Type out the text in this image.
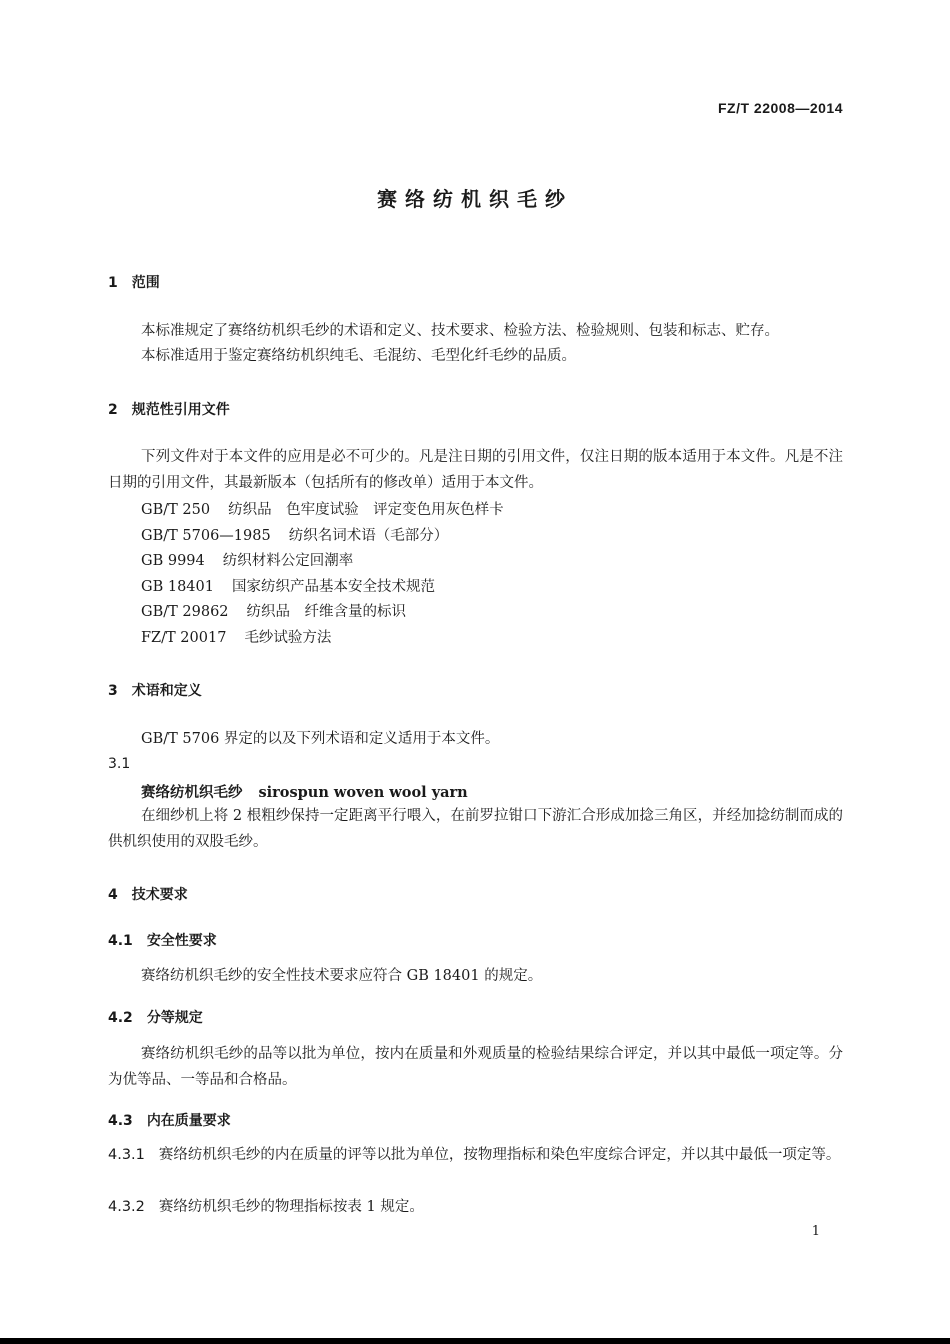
FZ/T 22008—2014
赛络纺机织毛纱
1 范围
本标准规定了赛络纺机织毛纱的术语和定义、技术要求、检验方法、检验规则、包装和标志、贮存。
本标准适用于鉴定赛络纺机织纯毛、毛混纺、毛型化纤毛纱的品质。
2 规范性引用文件
下列文件对于本文件的应用是必不可少的。凡是注日期的引用文件，仅注日期的版本适用于本文件。凡是不注日期的引用文件，其最新版本（包括所有的修改单）适用于本文件。
GB/T 250 纺织品　色牢度试验　评定变色用灰色样卡
GB/T 5706—1985 纺织名词术语（毛部分）
GB 9994 纺织材料公定回潮率
GB 18401 国家纺织产品基本安全技术规范
GB/T 29862 纺织品　纤维含量的标识
FZ/T 20017 毛纱试验方法
3 术语和定义
GB/T 5706 界定的以及下列术语和定义适用于本文件。
3.1
赛络纺机织毛纱 sirospun woven wool yarn
在细纱机上将 2 根粗纱保持一定距离平行喂入，在前罗拉钳口下游汇合形成加捻三角区，并经加捻纺制而成的供机织使用的双股毛纱。
4 技术要求
4.1 安全性要求
赛络纺机织毛纱的安全性技术要求应符合 GB 18401 的规定。
4.2 分等规定
赛络纺机织毛纱的品等以批为单位，按内在质量和外观质量的检验结果综合评定，并以其中最低一项定等。分为优等品、一等品和合格品。
4.3 内在质量要求
4.3.1 赛络纺机织毛纱的内在质量的评等以批为单位，按物理指标和染色牢度综合评定，并以其中最低一项定等。
4.3.2 赛络纺机织毛纱的物理指标按表 1 规定。
1
